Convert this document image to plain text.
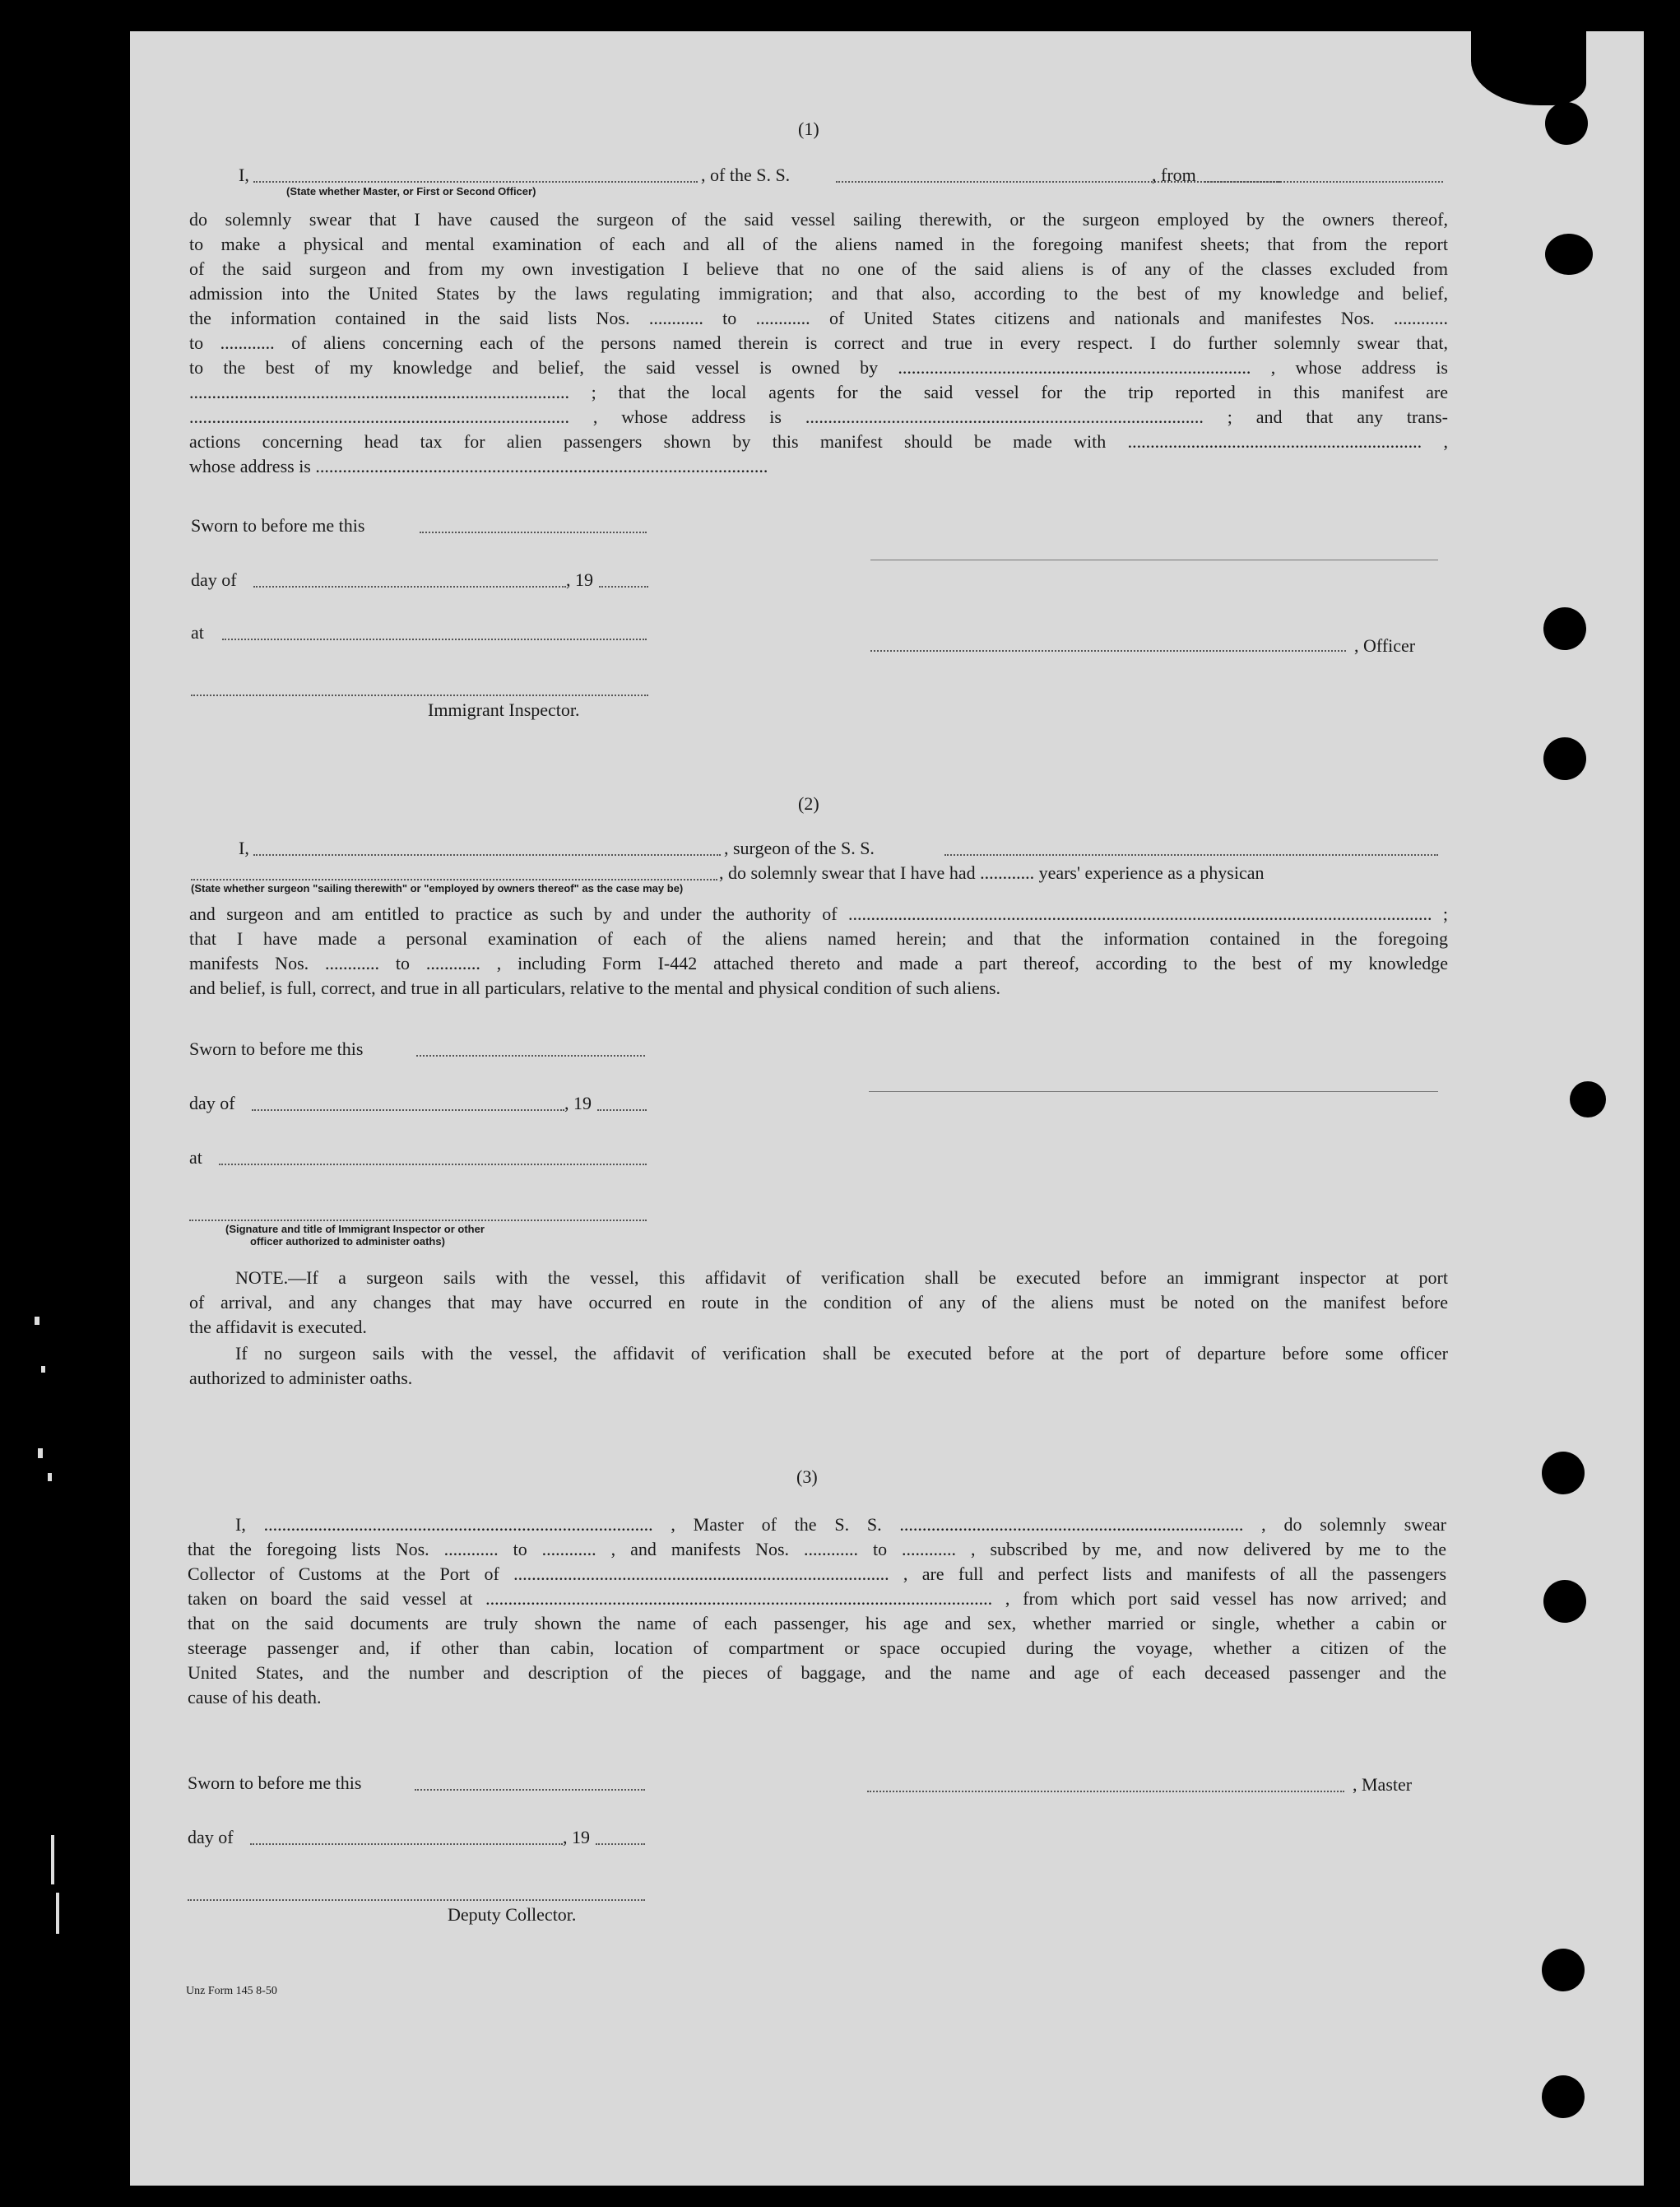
(1)
I,	, of the S. S.	, from
(State whether Master, or First or Second Officer)
do solemnly swear that I have caused the surgeon of the said vessel sailing therewith, or the surgeon employed by the owners thereof,
to make a physical and mental examination of each and all of the aliens named in the foregoing manifest sheets; that from the report
of the said surgeon and from my own investigation I believe that no one of the said aliens is of any of the classes excluded from
admission into the United States by the laws regulating immigration; and that also, according to the best of my knowledge and belief,
the information contained in the said lists Nos. ............ to ............ of United States citizens and nationals and manifestes Nos. ............
to ............ of aliens concerning each of the persons named therein is correct and true in every respect. I do further solemnly swear that,
to the best of my knowledge and belief, the said vessel is owned by .............................................................................. , whose address is
.................................................................................... ; that the local agents for the said vessel for the trip reported in this manifest are
.................................................................................... , whose address is ........................................................................................ ; and that any trans-
actions concerning head tax for alien passengers shown by this manifest should be made with ................................................................. ,
whose address is ....................................................................................................
Sworn to before me this
day of	, 19
at
, Officer
Immigrant Inspector.
(2)
I,	, surgeon of the S. S.
, do solemnly swear that I have had ............ years' experience as a physican
(State whether surgeon "sailing therewith" or "employed by owners thereof" as the case may be)
and surgeon and am entitled to practice as such by and under the authority of ................................................................................................................................. ;
that I have made a personal examination of each of the aliens named herein; and that the information contained in the foregoing
manifests Nos. ............ to ............ , including Form I-442 attached thereto and made a part thereof, according to the best of my knowledge
and belief, is full, correct, and true in all particulars, relative to the mental and physical condition of such aliens.
Sworn to before me this
day of	, 19
at
(Signature and title of Immigrant Inspector or other
officer authorized to administer oaths)
NOTE.—If a surgeon sails with the vessel, this affidavit of verification shall be executed before an immigrant inspector at port
of arrival, and any changes that may have occurred en route in the condition of any of the aliens must be noted on the manifest before
the affidavit is executed.
If no surgeon sails with the vessel, the affidavit of verification shall be executed before at the port of departure before some officer
authorized to administer oaths.
(3)
I, ...................................................................................... , Master of the S. S. ............................................................................ , do solemnly swear
that the foregoing lists Nos. ............ to ............ , and manifests Nos. ............ to ............ , subscribed by me, and now delivered by me to the
Collector of Customs at the Port of ................................................................................... , are full and perfect lists and manifests of all the passengers
taken on board the said vessel at ................................................................................................................ , from which port said vessel has now arrived; and
that on the said documents are truly shown the name of each passenger, his age and sex, whether married or single, whether a cabin or
steerage passenger and, if other than cabin, location of compartment or space occupied during the voyage, whether a citizen of the
United States, and the number and description of the pieces of baggage, and the name and age of each deceased passenger and the
cause of his death.
Sworn to before me this	, Master
day of	, 19
Deputy Collector.
Unz Form 145 8-50
